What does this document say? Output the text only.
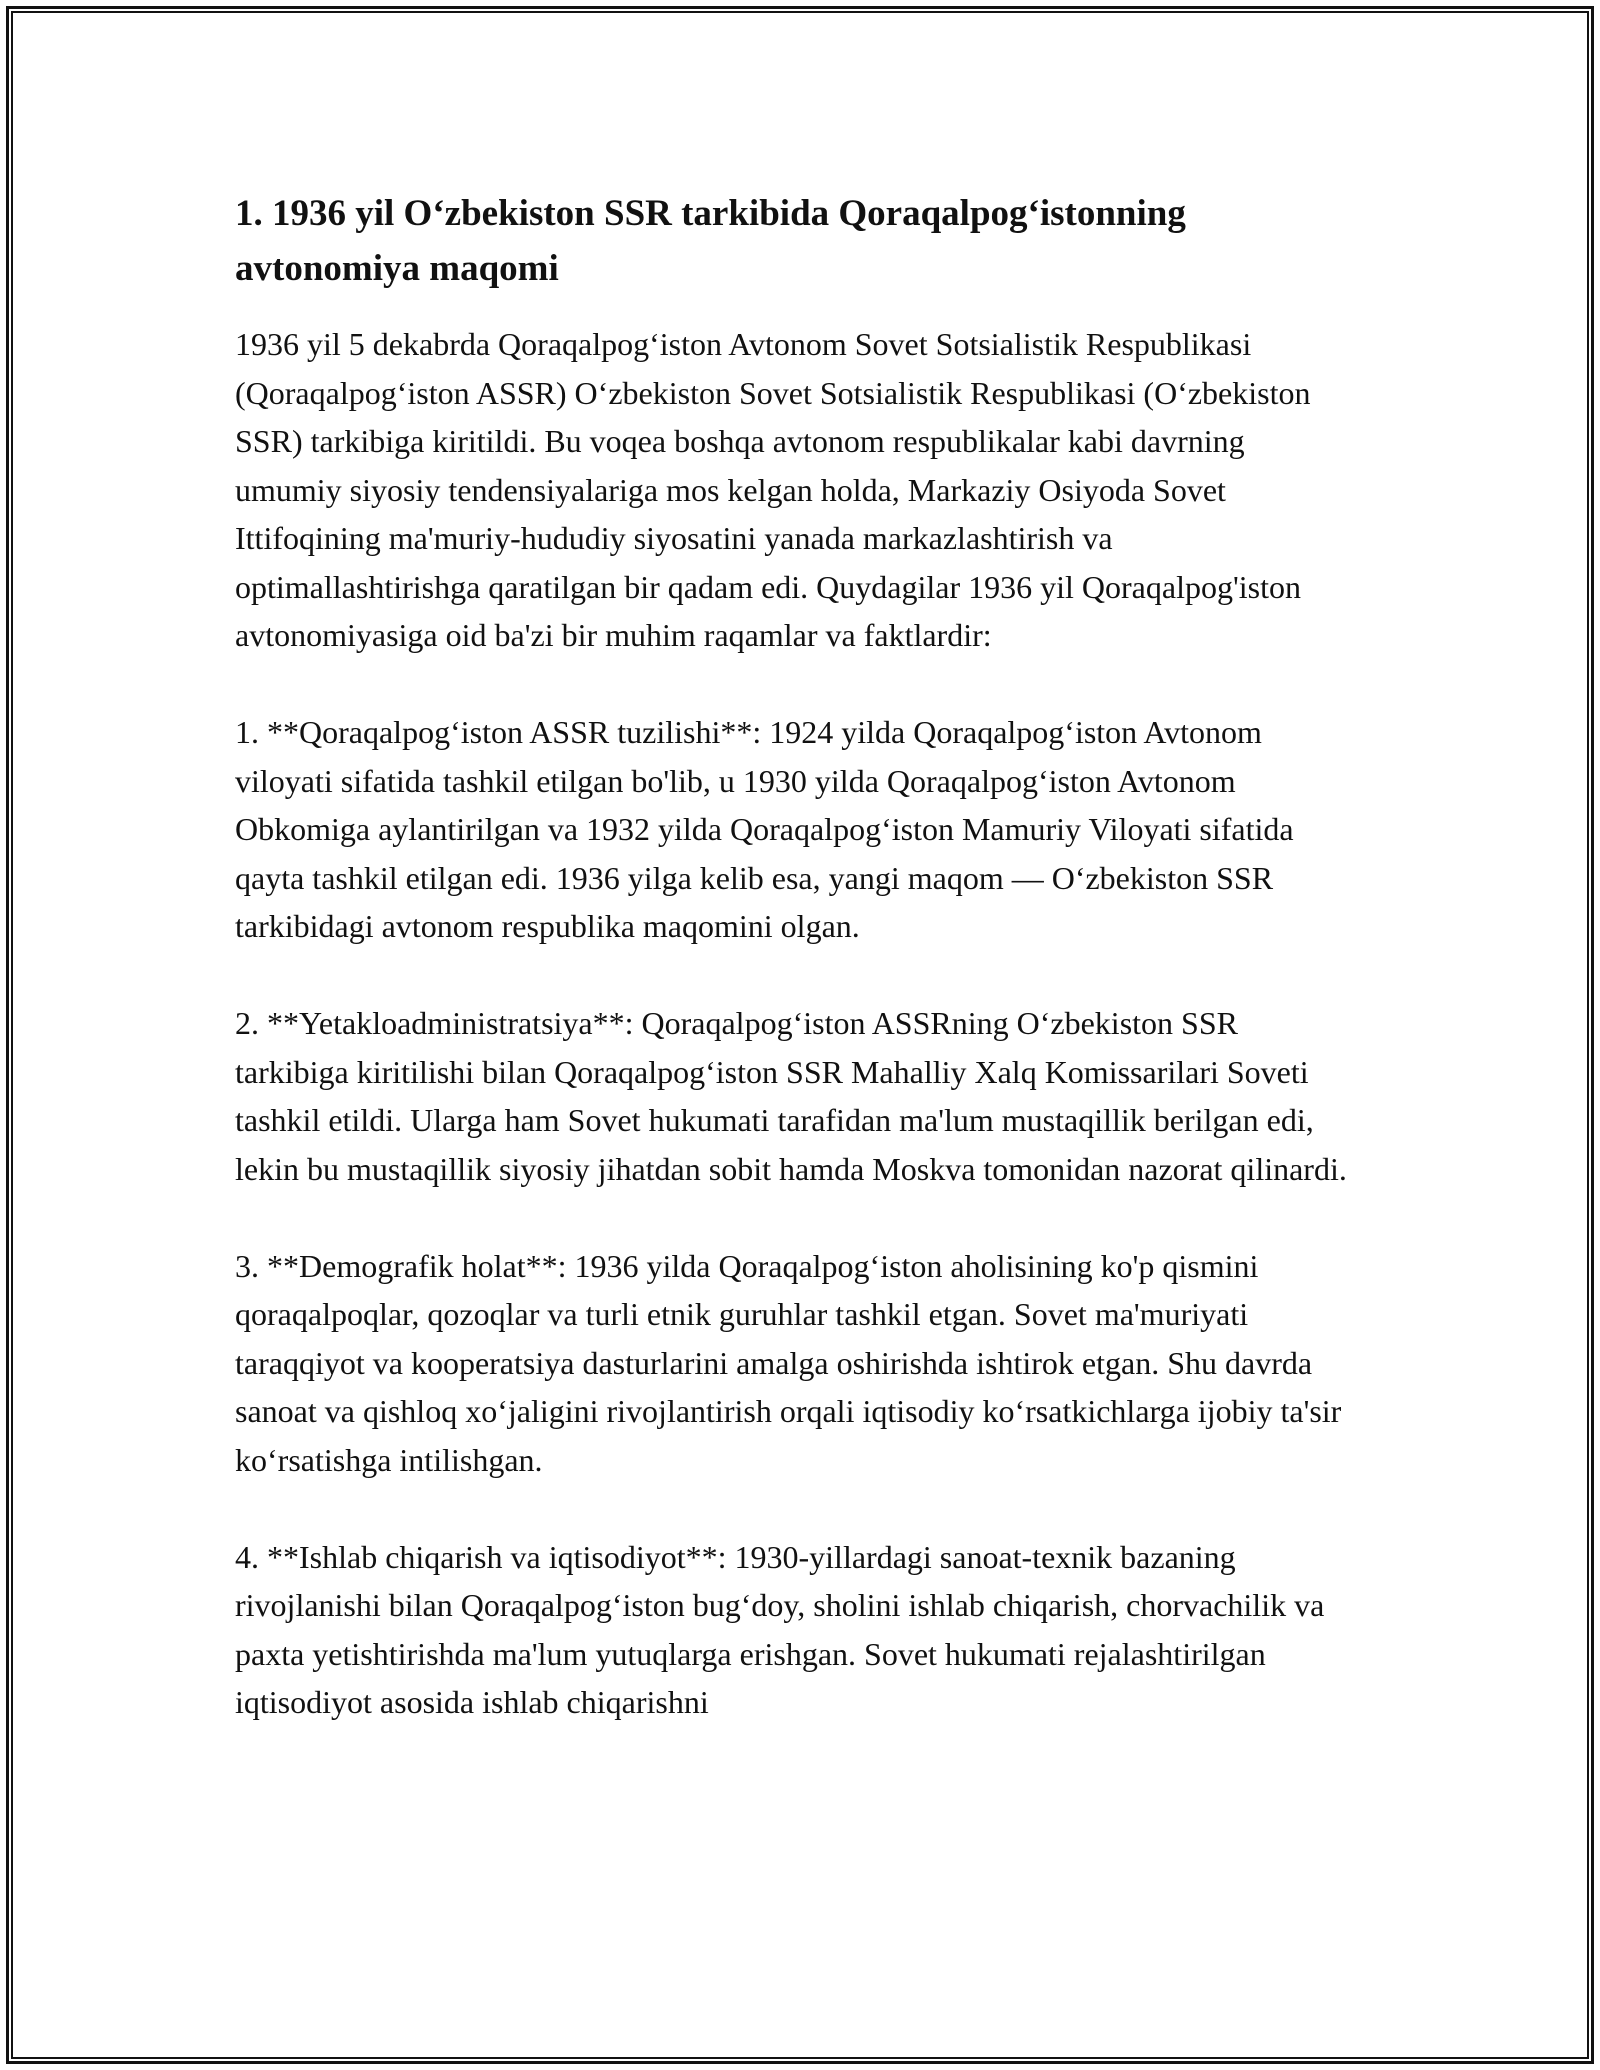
1. 1936 yil O‘zbekiston SSR tarkibida Qoraqalpog‘istonning avtonomiya maqomi

1936 yil 5 dekabrda Qoraqalpog‘iston Avtonom Sovet Sotsialistik Respublikasi (Qoraqalpog‘iston ASSR) O‘zbekiston Sovet Sotsialistik Respublikasi (O‘zbekiston SSR) tarkibiga kiritildi. Bu voqea boshqa avtonom respublikalar kabi davrning umumiy siyosiy tendensiyalariga mos kelgan holda, Markaziy Osiyoda Sovet Ittifoqining ma'muriy-hududiy siyosatini yanada markazlashtirish va optimallashtirishga qaratilgan bir qadam edi. Quydagilar 1936 yil Qoraqalpog'iston avtonomiyasiga oid ba'zi bir muhim raqamlar va faktlardir:

1. **Qoraqalpog‘iston ASSR tuzilishi**: 1924 yilda Qoraqalpog‘iston Avtonom viloyati sifatida tashkil etilgan bo'lib, u 1930 yilda Qoraqalpog‘iston Avtonom Obkomiga aylantirilgan va 1932 yilda Qoraqalpog‘iston Mamuriy Viloyati sifatida qayta tashkil etilgan edi. 1936 yilga kelib esa, yangi maqom — O‘zbekiston SSR tarkibidagi avtonom respublika maqomini olgan.

2. **Yetakloadministratsiya**: Qoraqalpog‘iston ASSRning O‘zbekiston SSR tarkibiga kiritilishi bilan Qoraqalpog‘iston SSR Mahalliy Xalq Komissarilari Soveti tashkil etildi. Ularga ham Sovet hukumati tarafidan ma'lum mustaqillik berilgan edi, lekin bu mustaqillik siyosiy jihatdan sobit hamda Moskva tomonidan nazorat qilinardi.

3. **Demografik holat**: 1936 yilda Qoraqalpog‘iston aholisining ko'p qismini qoraqalpoqlar, qozoqlar va turli etnik guruhlar tashkil etgan. Sovet ma'muriyati taraqqiyot va kooperatsiya dasturlarini amalga oshirishda ishtirok etgan. Shu davrda sanoat va qishloq xo‘jaligini rivojlantirish orqali iqtisodiy ko‘rsatkichlarga ijobiy ta'sir ko‘rsatishga intilishgan.

4. **Ishlab chiqarish va iqtisodiyot**: 1930-yillardagi sanoat-texnik bazaning rivojlanishi bilan Qoraqalpog‘iston bug‘doy, sholini ishlab chiqarish, chorvachilik va paxta yetishtirishda ma'lum yutuqlarga erishgan. Sovet hukumati rejalashtirilgan iqtisodiyot asosida ishlab chiqarishni
